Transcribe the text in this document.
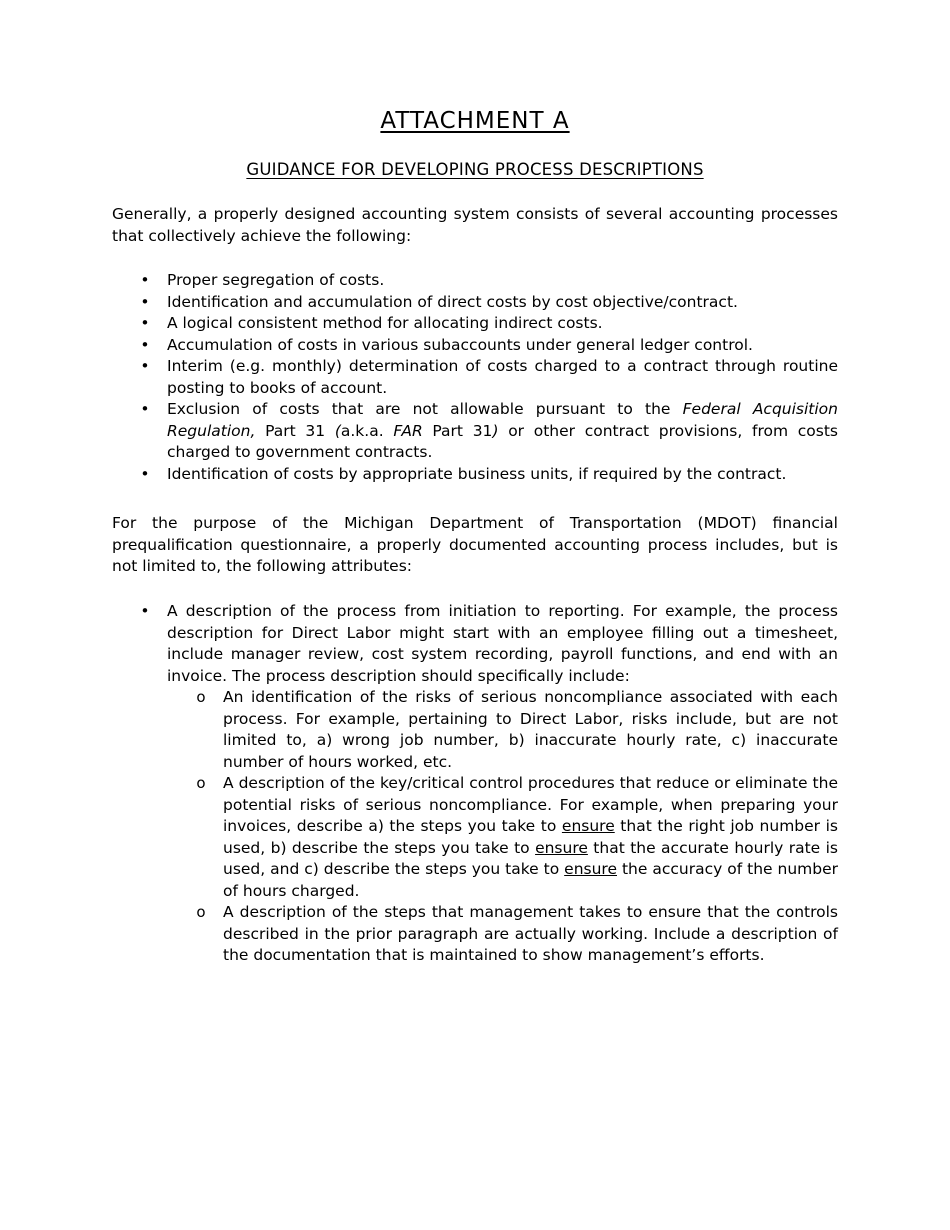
ATTACHMENT A
GUIDANCE FOR DEVELOPING PROCESS DESCRIPTIONS

Generally, a properly designed accounting system consists of several accounting processes that collectively achieve the following:

• Proper segregation of costs.
• Identification and accumulation of direct costs by cost objective/contract.
• A logical consistent method for allocating indirect costs.
• Accumulation of costs in various subaccounts under general ledger control.
• Interim (e.g. monthly) determination of costs charged to a contract through routine posting to books of account.
• Exclusion of costs that are not allowable pursuant to the Federal Acquisition Regulation, Part 31 (a.k.a. FAR Part 31) or other contract provisions, from costs charged to government contracts.
• Identification of costs by appropriate business units, if required by the contract.

For the purpose of the Michigan Department of Transportation (MDOT) financial prequalification questionnaire, a properly documented accounting process includes, but is not limited to, the following attributes:

• A description of the process from initiation to reporting. For example, the process description for Direct Labor might start with an employee filling out a timesheet, include manager review, cost system recording, payroll functions, and end with an invoice. The process description should specifically include:
o An identification of the risks of serious noncompliance associated with each process. For example, pertaining to Direct Labor, risks include, but are not limited to, a) wrong job number, b) inaccurate hourly rate, c) inaccurate number of hours worked, etc.
o A description of the key/critical control procedures that reduce or eliminate the potential risks of serious noncompliance. For example, when preparing your invoices, describe a) the steps you take to ensure that the right job number is used, b) describe the steps you take to ensure that the accurate hourly rate is used, and c) describe the steps you take to ensure the accuracy of the number of hours charged.
o A description of the steps that management takes to ensure that the controls described in the prior paragraph are actually working. Include a description of the documentation that is maintained to show management’s efforts.
